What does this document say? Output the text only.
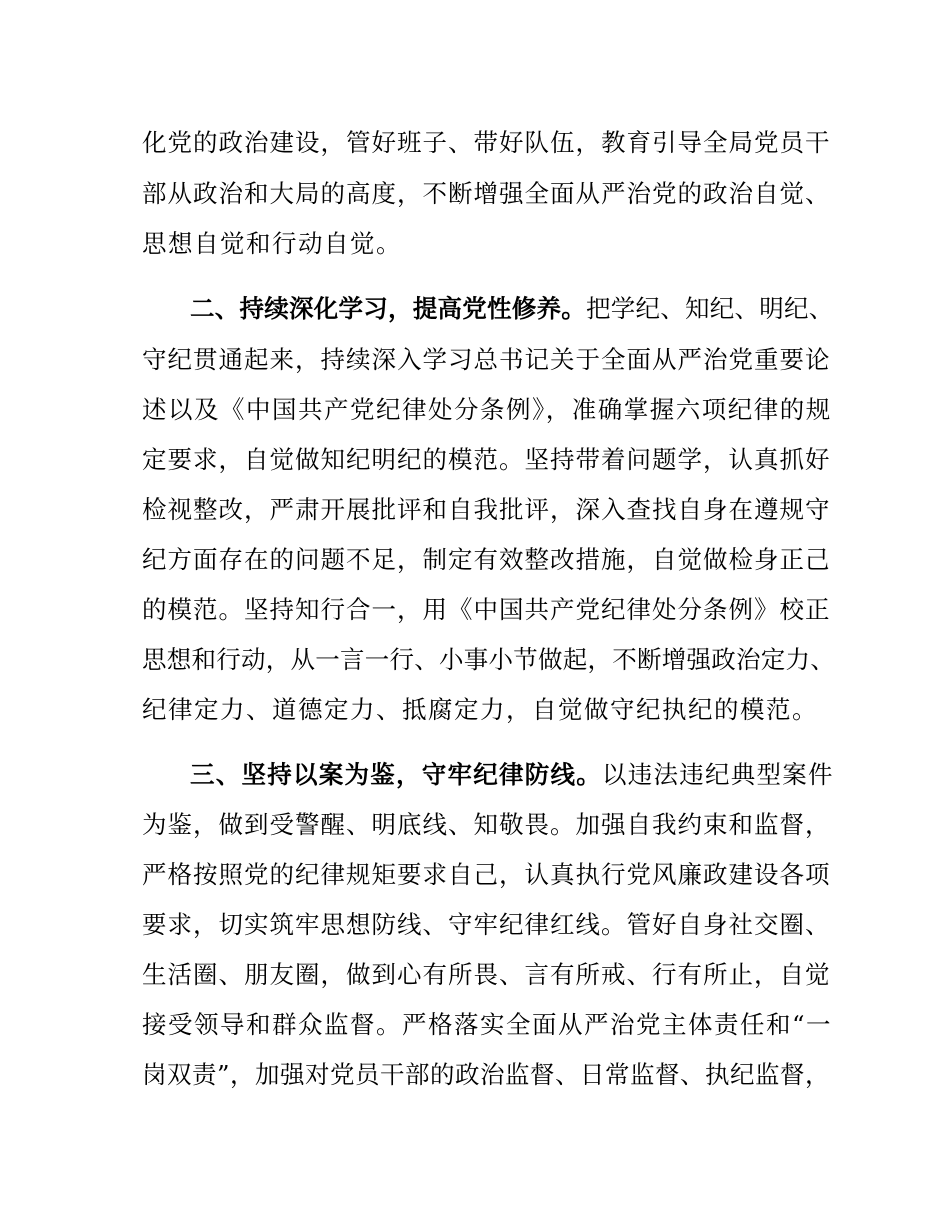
化党的政治建设，管好班子、带好队伍，教育引导全局党员干
部从政治和大局的高度，不断增强全面从严治党的政治自觉、
思想自觉和行动自觉。
二、持续深化学习，提高党性修养。把学纪、知纪、明纪、
守纪贯通起来，持续深入学习总书记关于全面从严治党重要论
述以及《中国共产党纪律处分条例》，准确掌握六项纪律的规
定要求，自觉做知纪明纪的模范。坚持带着问题学，认真抓好
检视整改，严肃开展批评和自我批评，深入查找自身在遵规守
纪方面存在的问题不足，制定有效整改措施，自觉做检身正己
的模范。坚持知行合一，用《中国共产党纪律处分条例》校正
思想和行动，从一言一行、小事小节做起，不断增强政治定力、
纪律定力、道德定力、抵腐定力，自觉做守纪执纪的模范。
三、坚持以案为鉴，守牢纪律防线。以违法违纪典型案件
为鉴，做到受警醒、明底线、知敬畏。加强自我约束和监督，
严格按照党的纪律规矩要求自己，认真执行党风廉政建设各项
要求，切实筑牢思想防线、守牢纪律红线。管好自身社交圈、
生活圈、朋友圈，做到心有所畏、言有所戒、行有所止，自觉
接受领导和群众监督。严格落实全面从严治党主体责任和“一
岗双责”，加强对党员干部的政治监督、日常监督、执纪监督，
